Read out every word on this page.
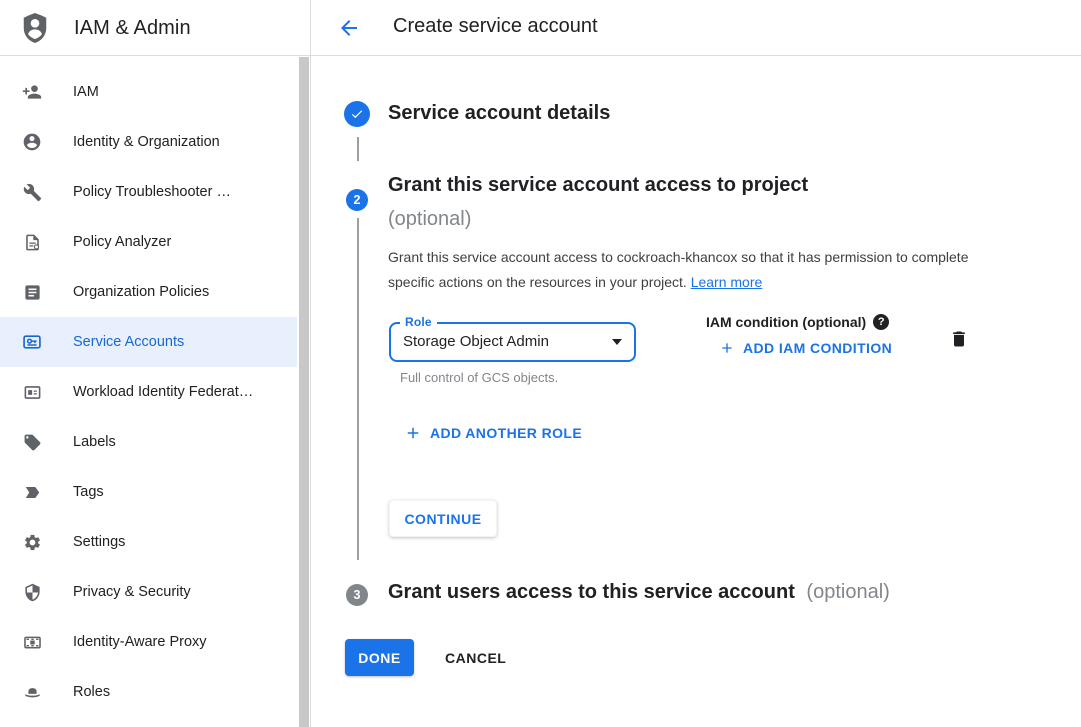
IAM & Admin	Create service account
IAM
Identity & Organization
Policy Troubleshooter …
Policy Analyzer
Organization Policies
Service Accounts
Workload Identity Federat…
Labels
Tags
Settings
Privacy & Security
Identity-Aware Proxy
Roles
Service account details
2
Grant this service account access to project
(optional)
Grant this service account access to cockroach-khancox so that it has permission to complete specific actions on the resources in your project. Learn more
Role
Storage Object Admin
Full control of GCS objects.
IAM condition (optional)	?
ADD IAM CONDITION
ADD ANOTHER ROLE
CONTINUE
3	Grant users access to this service account (optional)
DONE	CANCEL
